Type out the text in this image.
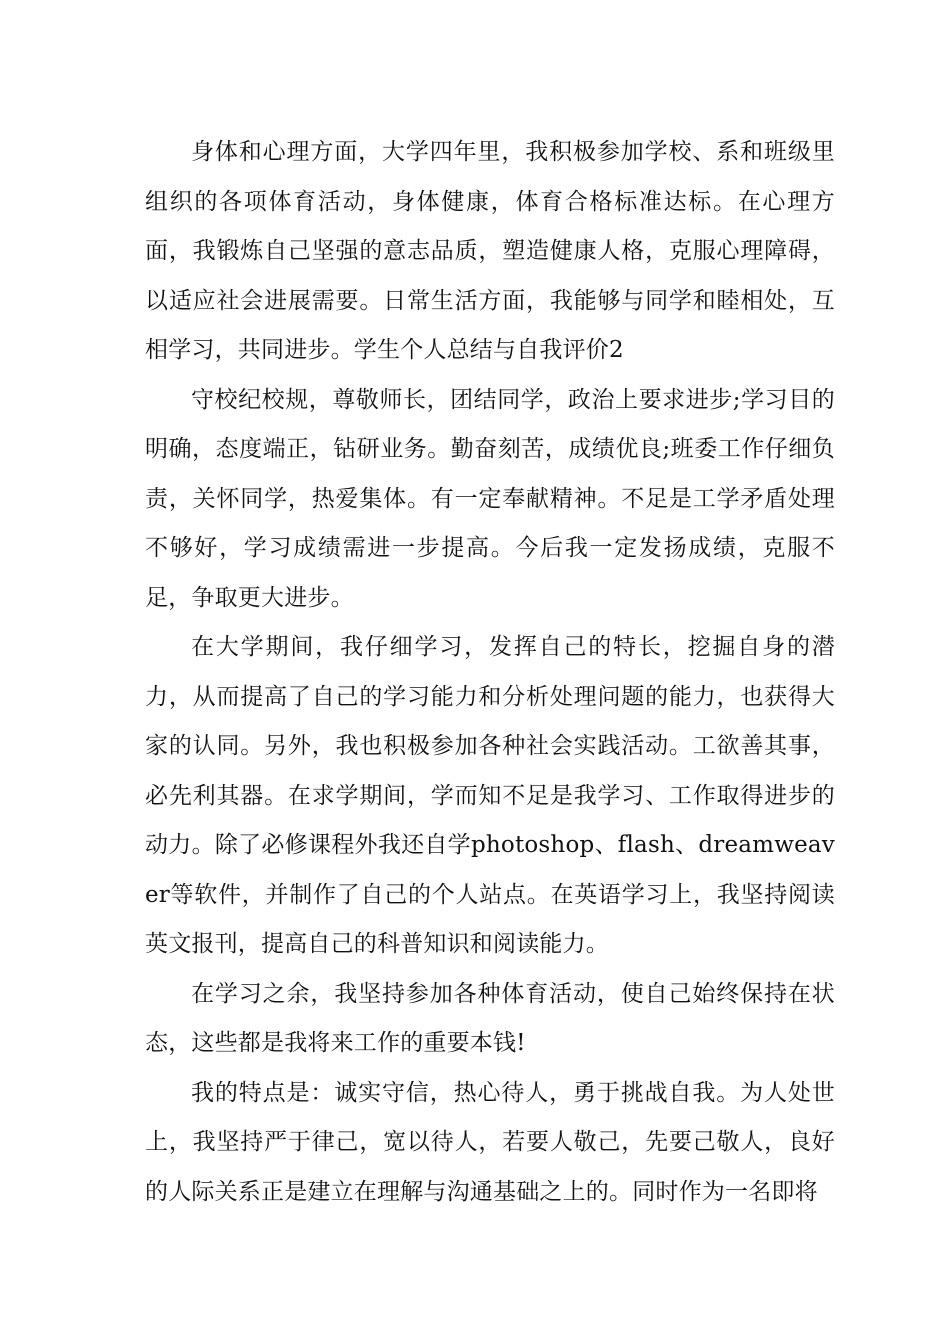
身体和心理方面，大学四年里，我积极参加学校、系和班级里组织的各项体育活动，身体健康，体育合格标准达标。在心理方面，我锻炼自己坚强的意志品质，塑造健康人格，克服心理障碍，以适应社会进展需要。日常生活方面，我能够与同学和睦相处，互相学习，共同进步。学生个人总结与自我评价2

守校纪校规，尊敬师长，团结同学，政治上要求进步;学习目的明确，态度端正，钻研业务。勤奋刻苦，成绩优良;班委工作仔细负责，关怀同学，热爱集体。有一定奉献精神。不足是工学矛盾处理不够好，学习成绩需进一步提高。今后我一定发扬成绩，克服不足，争取更大进步。

在大学期间，我仔细学习，发挥自己的特长，挖掘自身的潜力，从而提高了自己的学习能力和分析处理问题的能力，也获得大家的认同。另外，我也积极参加各种社会实践活动。工欲善其事，必先利其器。在求学期间，学而知不足是我学习、工作取得进步的动力。除了必修课程外我还自学photoshop、flash、dreamweaver等软件，并制作了自己的个人站点。在英语学习上，我坚持阅读英文报刊，提高自己的科普知识和阅读能力。

在学习之余，我坚持参加各种体育活动，使自己始终保持在状态，这些都是我将来工作的重要本钱!

我的特点是：诚实守信，热心待人，勇于挑战自我。为人处世上，我坚持严于律己，宽以待人，若要人敬己，先要己敬人，良好的人际关系正是建立在理解与沟通基础之上的。同时作为一名即将
